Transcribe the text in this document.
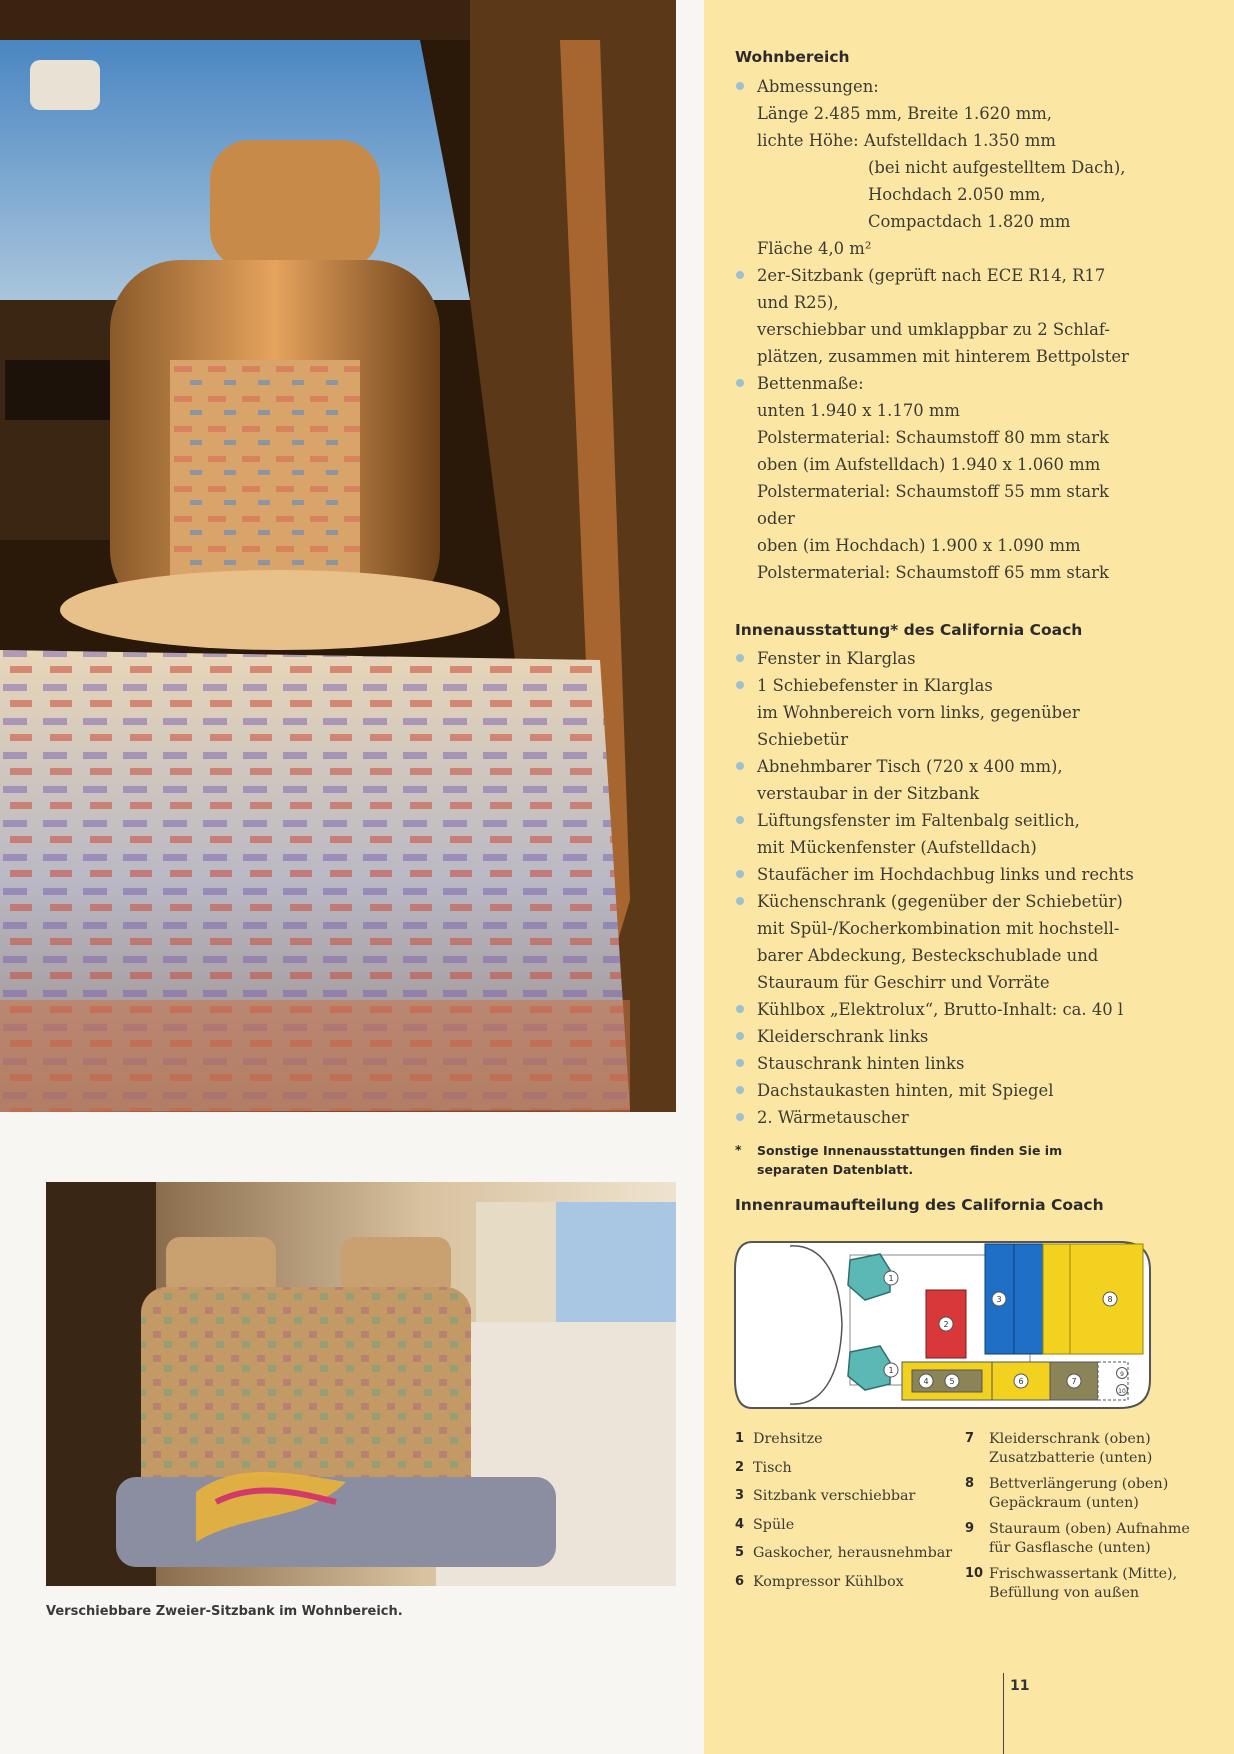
Verschiebbare Zweier-Sitzbank im Wohnbereich.
Wohnbereich
Abmessungen:
Länge 2.485 mm, Breite 1.620 mm,
lichte Höhe: Aufstelldach 1.350 mm
(bei nicht aufgestelltem Dach),
Hochdach 2.050 mm,
Compactdach 1.820 mm
Fläche 4,0 m²
2er-Sitzbank (geprüft nach ECE R14, R17
und R25),
verschiebbar und umklappbar zu 2 Schlaf-
plätzen, zusammen mit hinterem Bettpolster
Bettenmaße:
unten 1.940 x 1.170 mm
Polstermaterial: Schaumstoff 80 mm stark
oben (im Aufstelldach) 1.940 x 1.060 mm
Polstermaterial: Schaumstoff 55 mm stark
oder
oben (im Hochdach) 1.900 x 1.090 mm
Polstermaterial: Schaumstoff 65 mm stark
Innenausstattung* des California Coach
Fenster in Klarglas
1 Schiebefenster in Klarglas
im Wohnbereich vorn links, gegenüber
Schiebetür
Abnehmbarer Tisch (720 x 400 mm),
verstaubar in der Sitzbank
Lüftungsfenster im Faltenbalg seitlich,
mit Mückenfenster (Aufstelldach)
Staufächer im Hochdachbug links und rechts
Küchenschrank (gegenüber der Schiebetür)
mit Spül-/Kocherkombination mit hochstell-
barer Abdeckung, Besteckschublade und
Stauraum für Geschirr und Vorräte
Kühlbox „Elektrolux“, Brutto-Inhalt: ca. 40 l
Kleiderschrank links
Stauschrank hinten links
Dachstaukasten hinten, mit Spiegel
2. Wärmetauscher
* Sonstige Innenausstattungen finden Sie im separaten Datenblatt.
Innenraumaufteilung des California Coach
1
1
2
3	8
4	5	6	7
9
10
1 Drehsitze
2 Tisch
3 Sitzbank verschiebbar
4 Spüle
5 Gaskocher, herausnehmbar
6 Kompressor Kühlbox
7 Kleiderschrank (oben)
Zusatzbatterie (unten)
8 Bettverlängerung (oben)
Gepäckraum (unten)
9 Stauraum (oben) Aufnahme
für Gasflasche (unten)
10 Frischwassertank (Mitte),
Befüllung von außen
11
